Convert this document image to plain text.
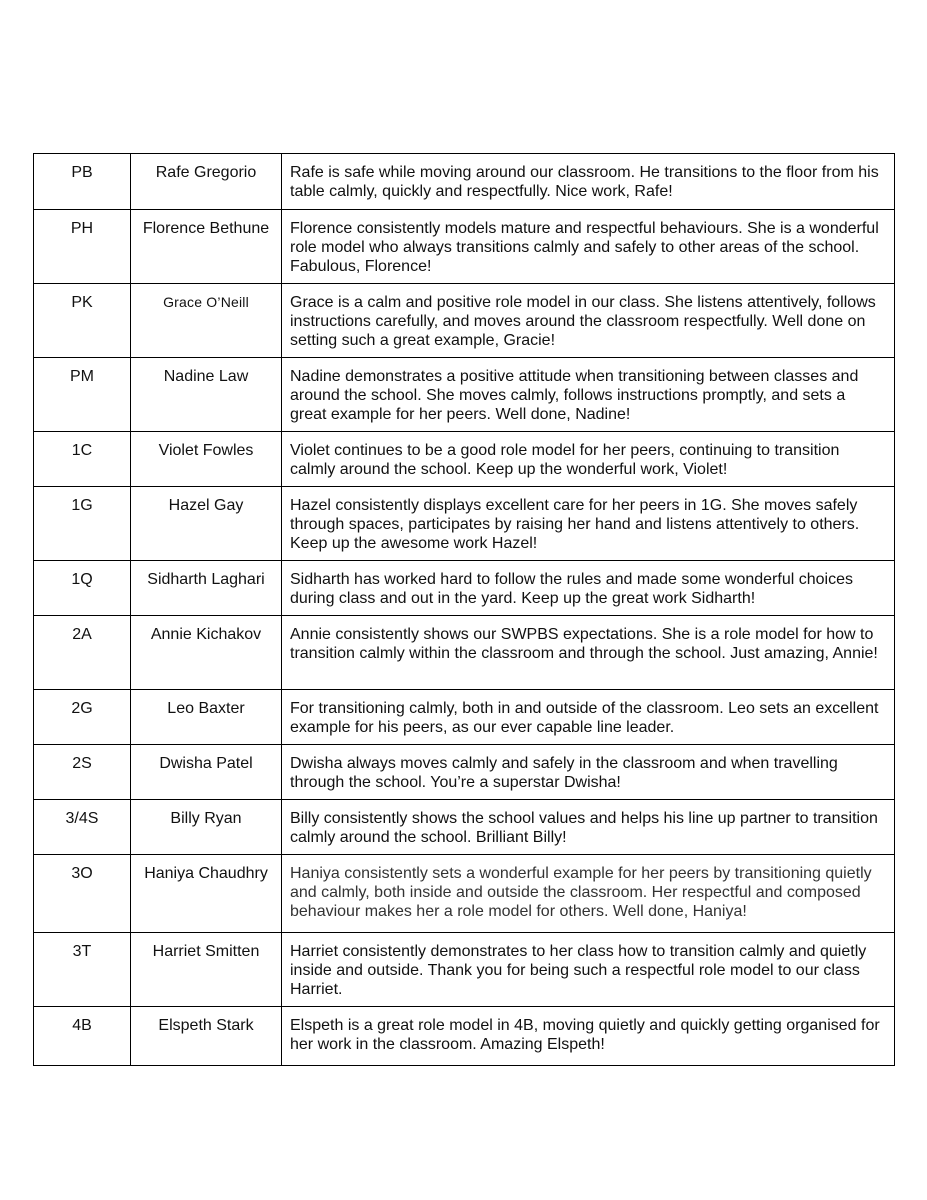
PB	Rafe Gregorio	Rafe is safe while moving around our classroom. He transitions to the floor from his table calmly, quickly and respectfully. Nice work, Rafe!
PH	Florence Bethune	Florence consistently models mature and respectful behaviours. She is a wonderful role model who always transitions calmly and safely to other areas of the school. Fabulous, Florence!
PK	Grace O’Neill	Grace is a calm and positive role model in our class. She listens attentively, follows instructions carefully, and moves around the classroom respectfully. Well done on setting such a great example, Gracie!
PM	Nadine Law	Nadine demonstrates a positive attitude when transitioning between classes and around the school. She moves calmly, follows instructions promptly, and sets a great example for her peers. Well done, Nadine!
1C	Violet Fowles	Violet continues to be a good role model for her peers, continuing to transition calmly around the school. Keep up the wonderful work, Violet!
1G	Hazel Gay	Hazel consistently displays excellent care for her peers in 1G. She moves safely through spaces, participates by raising her hand and listens attentively to others. Keep up the awesome work Hazel!
1Q	Sidharth Laghari	Sidharth has worked hard to follow the rules and made some wonderful choices during class and out in the yard. Keep up the great work Sidharth!
2A	Annie Kichakov	Annie consistently shows our SWPBS expectations. She is a role model for how to transition calmly within the classroom and through the school. Just amazing, Annie!
2G	Leo Baxter	For transitioning calmly, both in and outside of the classroom. Leo sets an excellent example for his peers, as our ever capable line leader.
2S	Dwisha Patel	Dwisha always moves calmly and safely in the classroom and when travelling through the school. You’re a superstar Dwisha!
3/4S	Billy Ryan	Billy consistently shows the school values and helps his line up partner to transition calmly around the school. Brilliant Billy!
3O	Haniya Chaudhry	Haniya consistently sets a wonderful example for her peers by transitioning quietly and calmly, both inside and outside the classroom. Her respectful and composed behaviour makes her a role model for others. Well done, Haniya!
3T	Harriet Smitten	Harriet consistently demonstrates to her class how to transition calmly and quietly inside and outside. Thank you for being such a respectful role model to our class Harriet.
4B	Elspeth Stark	Elspeth is a great role model in 4B, moving quietly and quickly getting organised for her work in the classroom. Amazing Elspeth!
